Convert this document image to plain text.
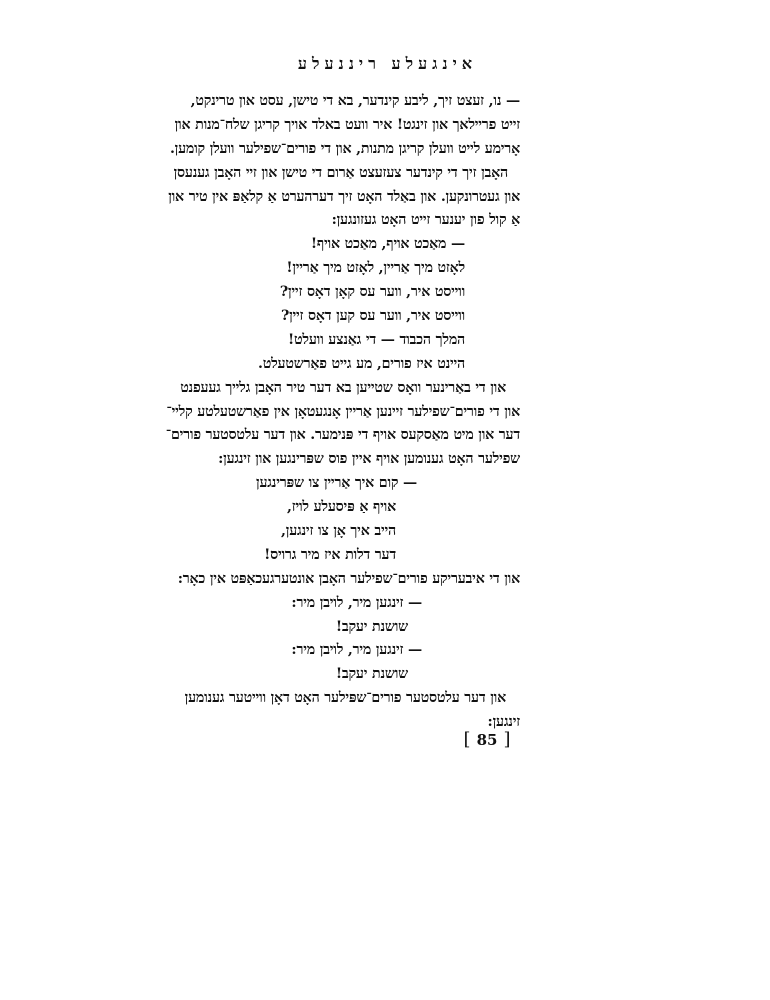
אינגעלע ריננעלע
— נו, זעצט זיך, ליבע קינדער, בא די טישן, עסט און טרינקט,
זייט פריילאך און זינגט! איר וועט באלד אויך קריגן שלח־מנות און
אָרימע לייט וועלן קריגן מתנות, און די פורים־שפילער וועלן קומען.
האָבן זיך די קינדער צעזעצט אַרום די טישן און זיי האָבן גענעסן
און געטרונקען. און באַלד האָט זיך דערהערט אַ קלאַפּ אין טיר און
אַ קול פון יענער זייט האָט געזונגען:
— מאַכט אויף, מאַכט אויף!
לאָזט מיך אַריין, לאָזט מיך אַריין!
ווייסט איר, ווער עס קאָן דאָס זיין?
ווייסט איר, ווער עס קען דאָס זיין?
המלך הכבוד — די גאַנצע וועלט!
היינט איז פורים, מע גייט פאַרשטעלט.
און די באַרינער וואָס שטייען בא דער טיר האָבן גלייך געעפנט
און די פורים־שפילער זיינען אַריין אָנגעטאָן אין פאַרשטעלטע קליי־
דער און מיט מאַסקעס אויף די פּנימער. און דער עלטסטער פורים־
שפילער האָט גענומען אויף איין פוס שפּרינגען און זינגען:
— קום איך אַריין צו שפּרינגען
אויף אַ פּיסעלע לויז,
הייב איך אָן צו זינגען,
דער דלות איז מיר גרויס!
און די איבעריקע פורים־שפילער האָבן אונטערגעכאַפּט אין כאָר:
— זינגען מיר, לויבן מיר:
שושנת יעקב!
— זינגען מיר, לויבן מיר:
שושנת יעקב!
און דער עלטסטער פורים־שפּילער האָט דאָן ווייטער גענומען
זינגען:
[ 85 ]
